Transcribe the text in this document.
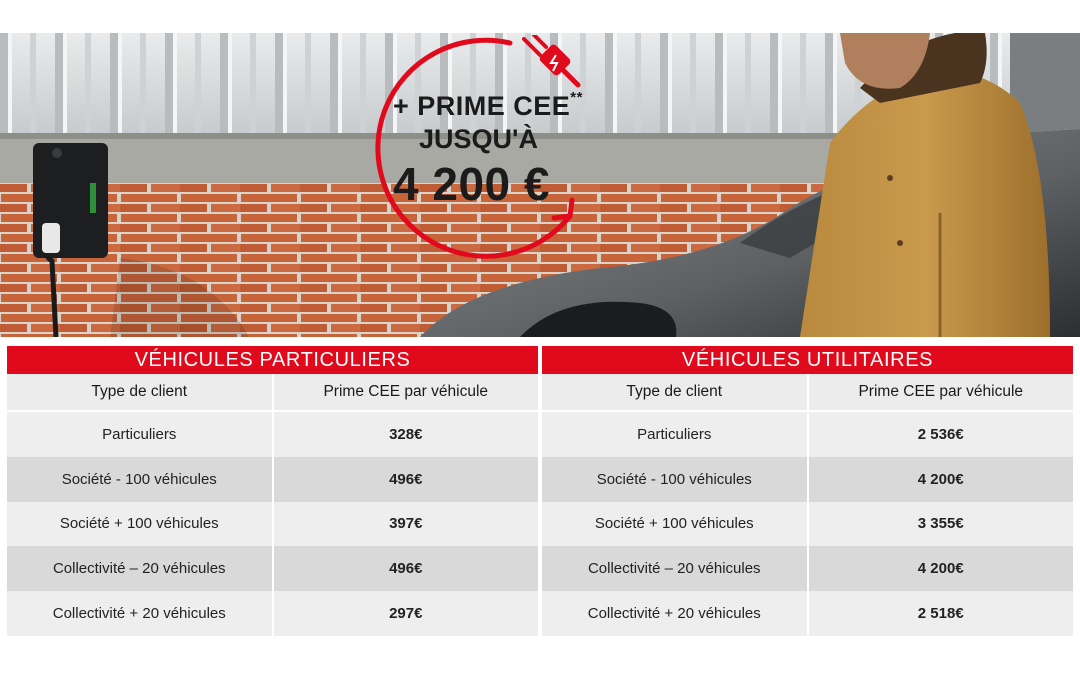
+ PRIME CEE**
JUSQU'À
4 200 €
VÉHICULES PARTICULIERS
Type de client	Prime CEE par véhicule
Particuliers	328€
Société - 100 véhicules	496€
Société + 100 véhicules	397€
Collectivité – 20 véhicules	496€
Collectivité + 20 véhicules	297€
VÉHICULES UTILITAIRES
Type de client	Prime CEE par véhicule
Particuliers	2 536€
Société - 100 véhicules	4 200€
Société + 100 véhicules	3 355€
Collectivité – 20 véhicules	4 200€
Collectivité + 20 véhicules	2 518€
